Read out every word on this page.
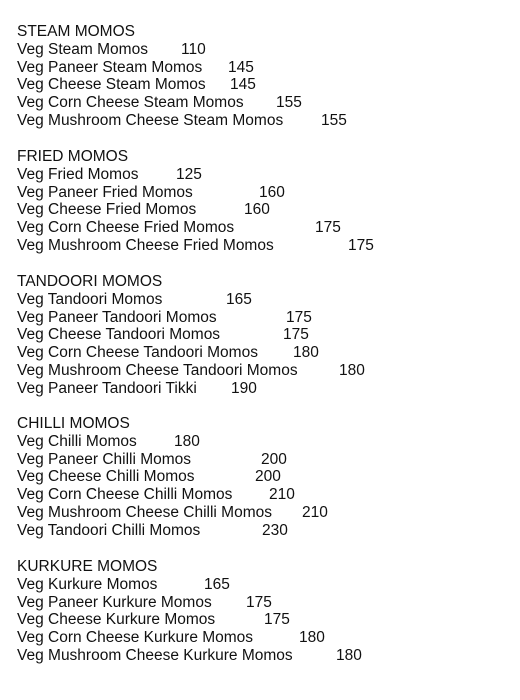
STEAM MOMOS
Veg Steam Momos 110
Veg Paneer Steam Momos 145
Veg Cheese Steam Momos 145
Veg Corn Cheese Steam Momos 155
Veg Mushroom Cheese Steam Momos 155
FRIED MOMOS
Veg Fried Momos 125
Veg Paneer Fried Momos	160
Veg Cheese Fried Momos	160
Veg Corn Cheese Fried Momos	175
Veg Mushroom Cheese Fried Momos	175
TANDOORI MOMOS
Veg Tandoori Momos	165
Veg Paneer Tandoori Momos	175
Veg Cheese Tandoori Momos	175
Veg Corn Cheese Tandoori Momos 180
Veg Mushroom Cheese Tandoori Momos	180
Veg Paneer Tandoori Tikki 190
CHILLI MOMOS
Veg Chilli Momos 180
Veg Paneer Chilli Momos	200
Veg Cheese Chilli Momos	200
Veg Corn Cheese Chilli Momos 210
Veg Mushroom Cheese Chilli Momos 210
Veg Tandoori Chilli Momos	230
KURKURE MOMOS
Veg Kurkure Momos	165
Veg Paneer Kurkure Momos 175
Veg Cheese Kurkure Momos	175
Veg Corn Cheese Kurkure Momos	180
Veg Mushroom Cheese Kurkure Momos	180
